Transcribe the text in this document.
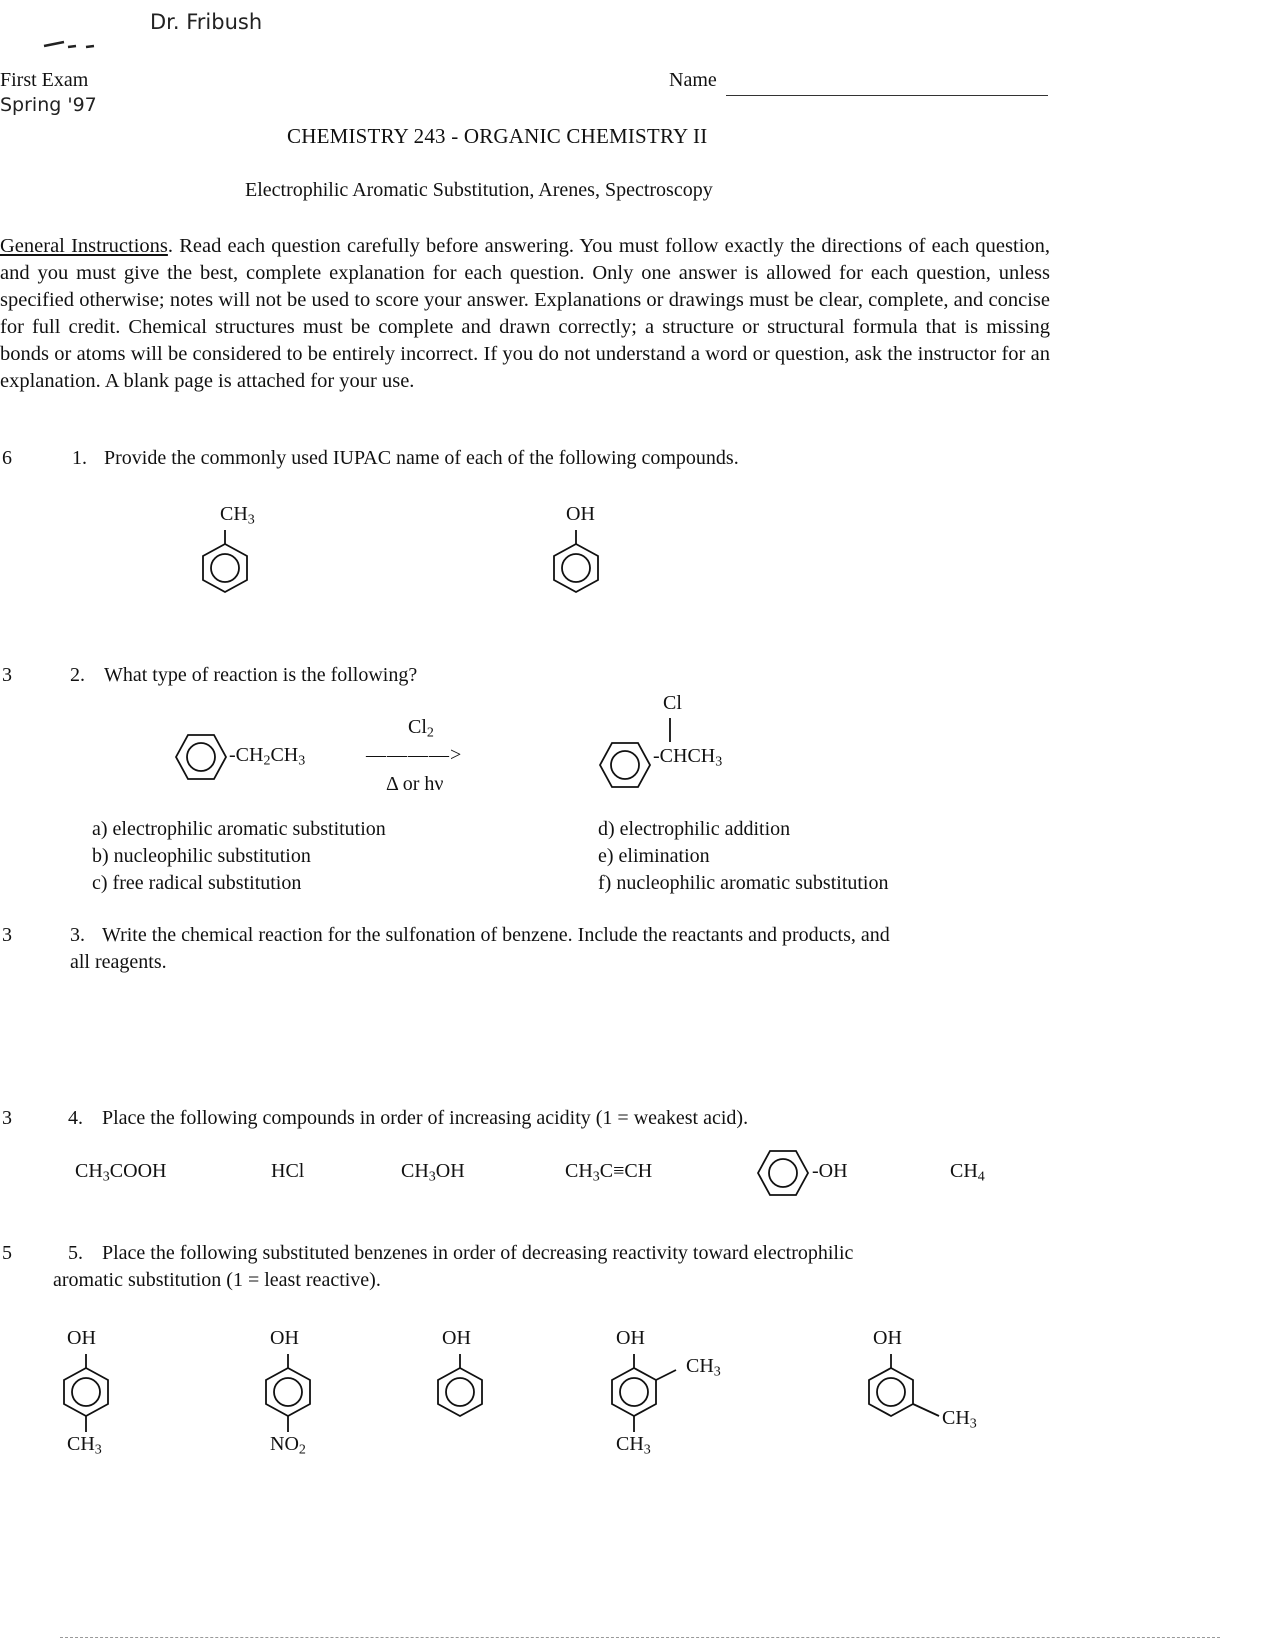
Dr. Fribush
First Exam
Spring '97
Name
CHEMISTRY 243 - ORGANIC CHEMISTRY II
Electrophilic Aromatic Substitution, Arenes, Spectroscopy
General Instructions. Read each question carefully before answering. You must follow exactly the directions of each question, and you must give the best, complete explanation for each question. Only one answer is allowed for each question, unless specified otherwise; notes will not be used to score your answer. Explanations or drawings must be clear, complete, and concise for full credit. Chemical structures must be complete and drawn correctly; a structure or structural formula that is missing bonds or atoms will be considered to be entirely incorrect. If you do not understand a word or question, ask the instructor for an explanation. A blank page is attached for your use.
6	1. Provide the commonly used IUPAC name of each of the following compounds.
$CH_3$	OH
3	2. What type of reaction is the following?
$-CH_2CH_3$
$Cl_2$
————>
Δ or hν
Cl
$-CHCH_3$
a) electrophilic aromatic substitution
b) nucleophilic substitution
c) free radical substitution
d) electrophilic addition
e) elimination
f) nucleophilic aromatic substitution
3	3. Write the chemical reaction for the sulfonation of benzene. Include the reactants and products, and
all reagents.
3	4. Place the following compounds in order of increasing acidity (1 = weakest acid).
$CH_3COOH$	HCl	$CH_3OH$	$CH_3C\equiv CH$	-OH	$CH_4$
5	5. Place the following substituted benzenes in order of decreasing reactivity toward electrophilic
aromatic substitution (1 = least reactive).
OH
$CH_3$
OH
$NO_2$
OH	OH
$CH_3$
$CH_3$
OH
$CH_3$
